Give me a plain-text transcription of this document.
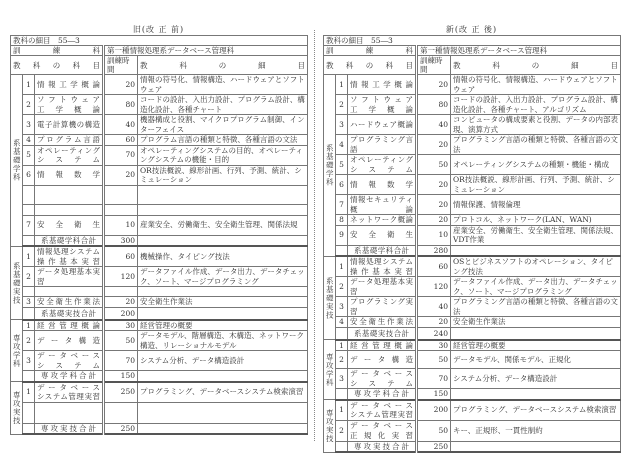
旧(改 正 前)
教科の細目　55―3				

訓　練　科			第一種情報処理系データベース管理科	

教　科　の　科　目			訓練時間	教　科　の　細　目

系基礎学科	1	情報工学概論	20	情報の符号化、情報構造、ハードウェアとソフトウェア
	2	ソフトウェア
工学概論	80	コードの設計、入出力設計、プログラム設計、構造化設計、各種チャート
	3	電子計算機の構造	40	機器構成と役割、マイクロプログラム制御、インターフェイス
	4	プログラム言語	60	プログラム言語の種類と特徴、各種言語の文法
	5	オペレーティング
システム	70	オペレーティングシステムの目的、オペレーティングシステムの機能・目的
	6	情報数学	20	OR技法概説、線形計画、行列、予測、統計、シミュレーション

	7	安全衛生	10	産業安全、労働衛生、安全衛生管理、関係法規

		系基礎学科合計	300	
系基礎実技	1	情報処理システム
操作基本実習	60	機械操作、タイピング技法
	2	データ処理基本実習	120	データファイル作成、データ出力、データチェック、ソート、マージプログラミング

	3	安全衛生作業法	20	安全衛生作業法

		系基礎実技合計	200	
専攻学科	1	経営管理概論	30	経営管理の概要
	2	データ構造	50	データモデル、階層構造、木構造、ネットワーク構造、リレーショナルモデル
	3	データベース
システム	70	システム分析、データ構造設計

		専攻学科合計	150	
専攻実技	1	データベース
システム管理実習	250	プログラミング、データベースシステム検索演習

		専攻実技合計	250	
新(改 正 後)
教科の細目　55―3				

訓　練　科			第一種情報処理系データベース管理科	

教　科　の　科　目			訓練時間	教　科　の　細　目

系基礎学科	1	情報工学概論	20	情報の符号化、情報構造、ハードウェアとソフトウェア
	2	ソフトウェア
工学概論	80	コードの設計、入出力設計、プログラム設計、構造化設計、各種チャート、アルゴリズム
	3	ハードウェア概論	40	コンピュータの構成要素と役割、データの内部表現、演算方式
	4	プログラミング言語	20	プログラミング言語の種類と特徴、各種言語の文法
	5	オペレーティング
システム	50	オペレーティングシステムの種類・機能・構成
	6	情報数学	20	OR技法概説、線形計画、行列、予測、統計、シミュレーション
	7	情報セキュリティ
概論	20	情報保護、情報倫理
	8	ネットワーク概論	20	プロトコル、ネットワーク(LAN、WAN)
	9	安全衛生	10	産業安全、労働衛生、安全衛生管理、関係法規、VDT作業

		系基礎学科合計	280	
系基礎実技	1	情報処理システム
操作基本実習	60	OSとビジネスソフトのオペレーション、タイピング技法
	2	データ処理基本実習	120	データファイル作成、データ出力、データチェック、ソート、マージプログラミング
	3	プログラミング実習	40	プログラミング言語の種類と特徴、各種言語の文法
	4	安全衛生作業法	20	安全衛生作業法

		系基礎実技合計	240	
専攻学科	1	経営管理概論	30	経営管理の概要
	2	データ構造	50	データモデル、関係モデル、正規化
	3	データベース
システム	70	システム分析、データ構造設計

		専攻学科合計	150	
専攻実技	1	データベース
システム管理実習	200	プログラミング、データベースシステム検索演習
	2	データベース
正規化実習	50	キー、正規形、一貫性制約

		専攻実技合計	250	
